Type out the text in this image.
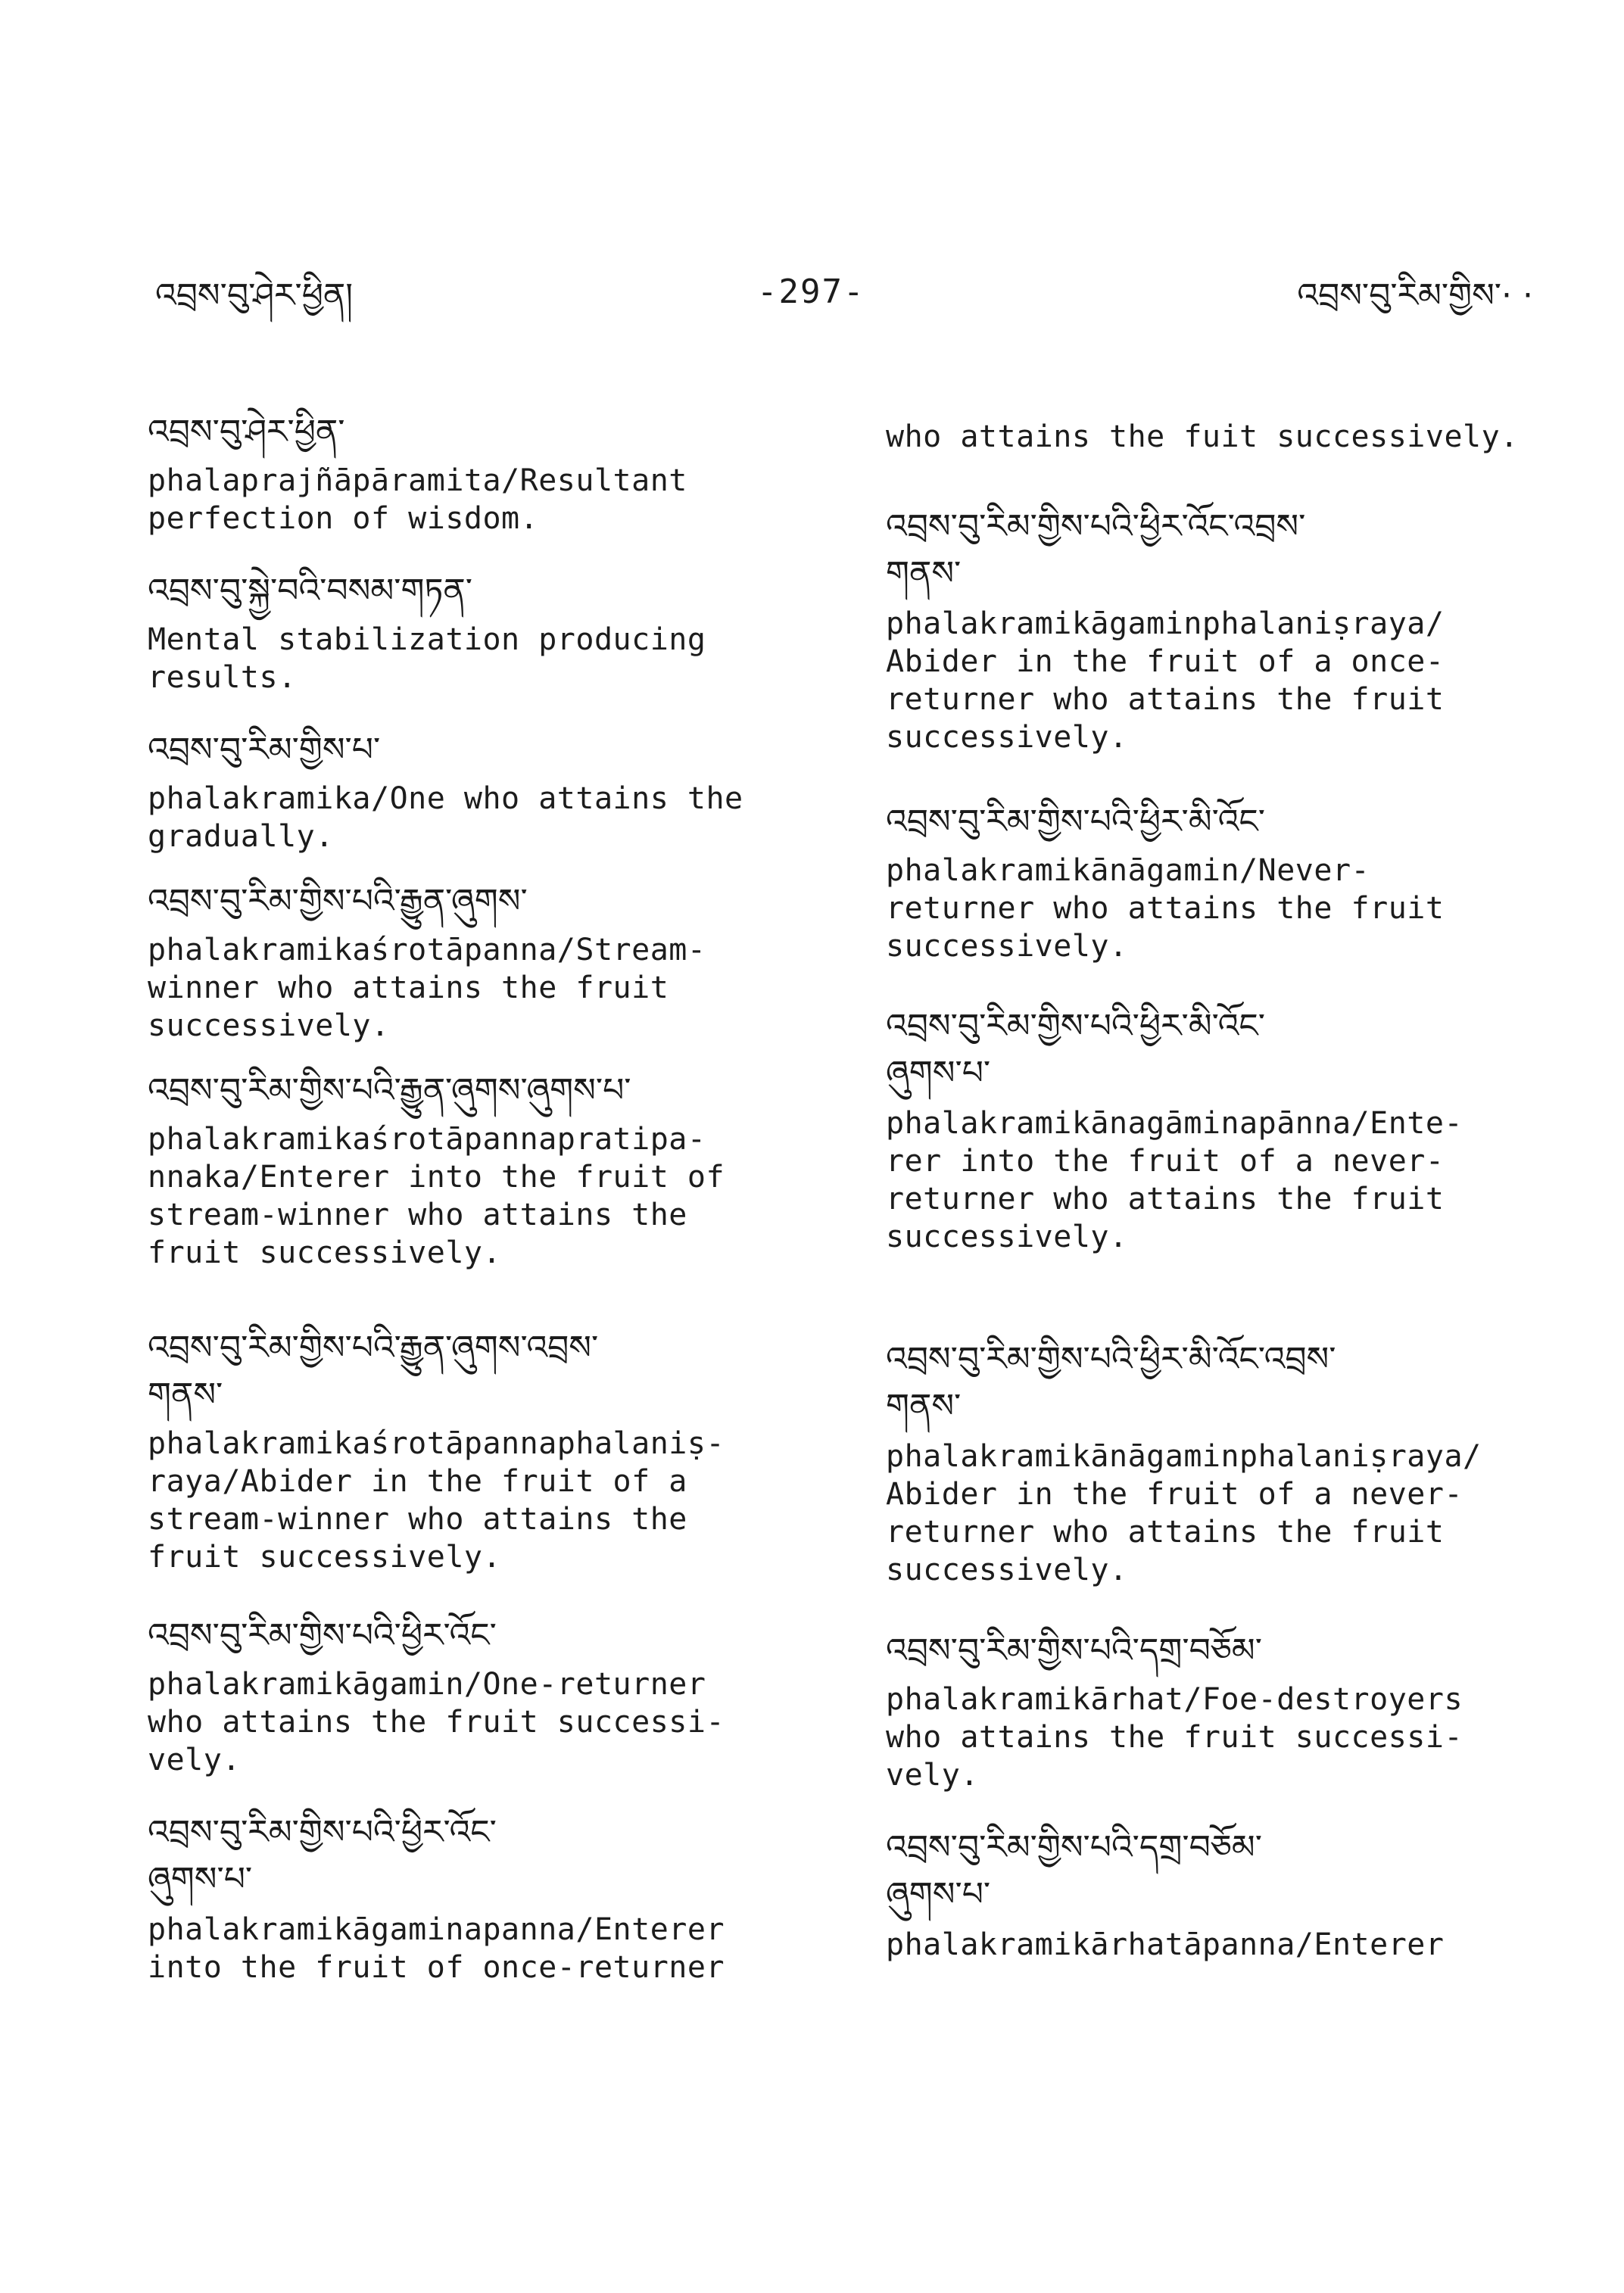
འབྲས་བུ་ཤེར་ཕྱིན།	-297-	འབྲས་བུ་རིམ་གྱིས་· ·
འབྲས་བུ་ཤེར་ཕྱིན་
phalaprajñāpāramita/Resultant
perfection of wisdom.
འབྲས་བུ་སྐྱེ་བའི་བསམ་གཏན་
Mental stabilization producing
results.
འབྲས་བུ་རིམ་གྱིས་པ་
phalakramika/One who attains the
gradually.
འབྲས་བུ་རིམ་གྱིས་པའི་རྒྱུན་ཞུགས་
phalakramikaśrotāpanna/Stream-
winner who attains the fruit
successively.
འབྲས་བུ་རིམ་གྱིས་པའི་རྒྱུན་ཞུགས་ཞུགས་པ་
phalakramikaśrotāpannapratipa-
nnaka/Enterer into the fruit of
stream-winner who attains the
fruit successively.
འབྲས་བུ་རིམ་གྱིས་པའི་རྒྱུན་ཞུགས་འབྲས་
གནས་
phalakramikaśrotāpannaphalaniṣ-
raya/Abider in the fruit of a
stream-winner who attains the
fruit successively.
འབྲས་བུ་རིམ་གྱིས་པའི་ཕྱིར་འོང་
phalakramikāgamin/One-returner
who attains the fruit successi-
vely.
འབྲས་བུ་རིམ་གྱིས་པའི་ཕྱིར་འོང་
ཞུགས་པ་
phalakramikāgaminapanna/Enterer
into the fruit of once-returner
who attains the fuit successively.
འབྲས་བུ་རིམ་གྱིས་པའི་ཕྱིར་འོང་འབྲས་
གནས་
phalakramikāgaminphalaniṣraya/
Abider in the fruit of a once-
returner who attains the fruit
successively.
འབྲས་བུ་རིམ་གྱིས་པའི་ཕྱིར་མི་འོང་
phalakramikānāgamin/Never-
returner who attains the fruit
successively.
འབྲས་བུ་རིམ་གྱིས་པའི་ཕྱིར་མི་འོང་
ཞུགས་པ་
phalakramikānagāminapānna/Ente-
rer into the fruit of a never-
returner who attains the fruit
successively.
འབྲས་བུ་རིམ་གྱིས་པའི་ཕྱིར་མི་འོང་འབྲས་
གནས་
phalakramikānāgaminphalaniṣraya/
Abider in the fruit of a never-
returner who attains the fruit
successively.
འབྲས་བུ་རིམ་གྱིས་པའི་དགྲ་བཅོམ་
phalakramikārhat/Foe-destroyers
who attains the fruit successi-
vely.
འབྲས་བུ་རིམ་གྱིས་པའི་དགྲ་བཅོམ་
ཞུགས་པ་
phalakramikārhatāpanna/Enterer
